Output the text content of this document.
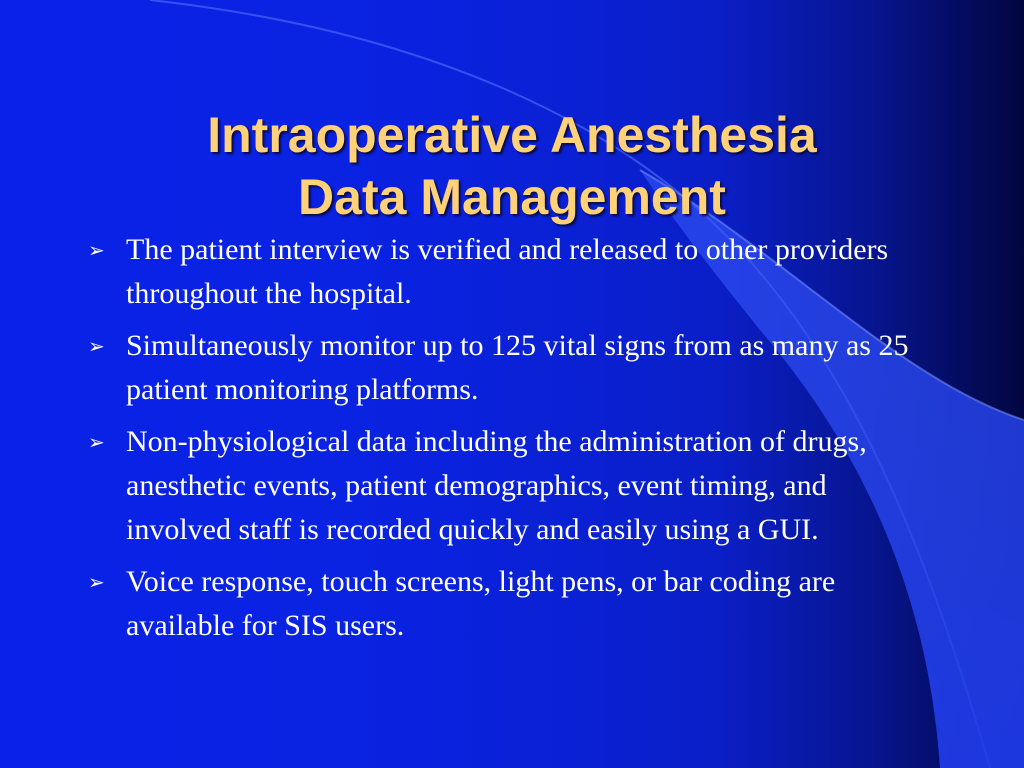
Intraoperative Anesthesia
Data Management
➢ The patient interview is verified and released to other providers throughout the hospital.
➢ Simultaneously monitor up to 125 vital signs from as many as 25 patient monitoring platforms.
➢ Non-physiological data including the administration of drugs, anesthetic events, patient demographics, event timing, and involved staff is recorded quickly and easily using a GUI.
➢ Voice response, touch screens, light pens, or bar coding are available for SIS users.
